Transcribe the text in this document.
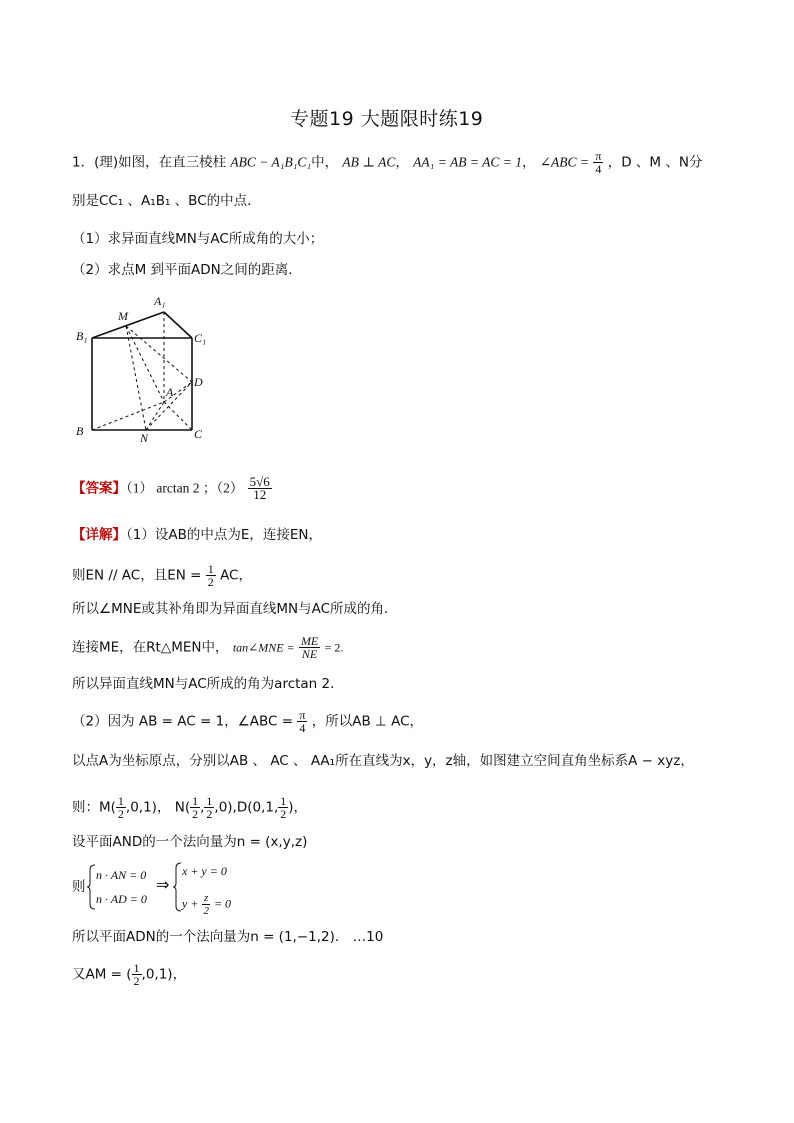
专题19 大题限时练19
1．(理)如图，在直三棱柱 ABC − A₁B₁C₁中， AB ⊥ AC， AA₁ = AB = AC = 1， ∠ABC = $\frac{\pi}{4}$ ，D 、M 、N分
别是CC₁ 、A₁B₁ 、BC的中点．
（1）求异面直线MN与AC所成角的大小；
（2）求点M 到平面ADN之间的距离．
A₁
M
B₁	C₁
A
D
B	N	C
【答案】（1） arctan 2 ；$(2) \frac{5√6}{12}$
【详解】（1）设AB的中点为E，连接EN，
则EN // AC，且EN = $\frac{1}{2}$ AC，
所以∠MNE或其补角即为异面直线MN与AC所成的角．
连接ME，在Rt△MEN中， tan∠MNE = $\frac{ME}{NE} = 2$.
所以异面直线MN与AC所成的角为arctan 2．
（2）因为 AB = AC = 1，∠ABC = $\frac{\pi}{4}$ ，所以AB ⊥ AC，
以点A为坐标原点，分别以AB 、 AC 、 AA₁所在直线为x，y，z轴，如图建立空间直角坐标系A − xyz，
则：$M( \frac{1}{2} ,0,1)$， $N( \frac{1}{2}$ , $\frac{1}{2} ,0),D(0,1$, $\frac{1}{2}$ )，
设平面AND的一个法向量为n = (x,y,z)
则
n · AN = 0
n · AD = 0
⇒
x + y = 0
$y + \frac{z}{2} = 0$
所以平面ADN的一个法向量为n = (1,−1,2)． …10
又AM = ( $\frac{1}{2} ,0,1$)，
